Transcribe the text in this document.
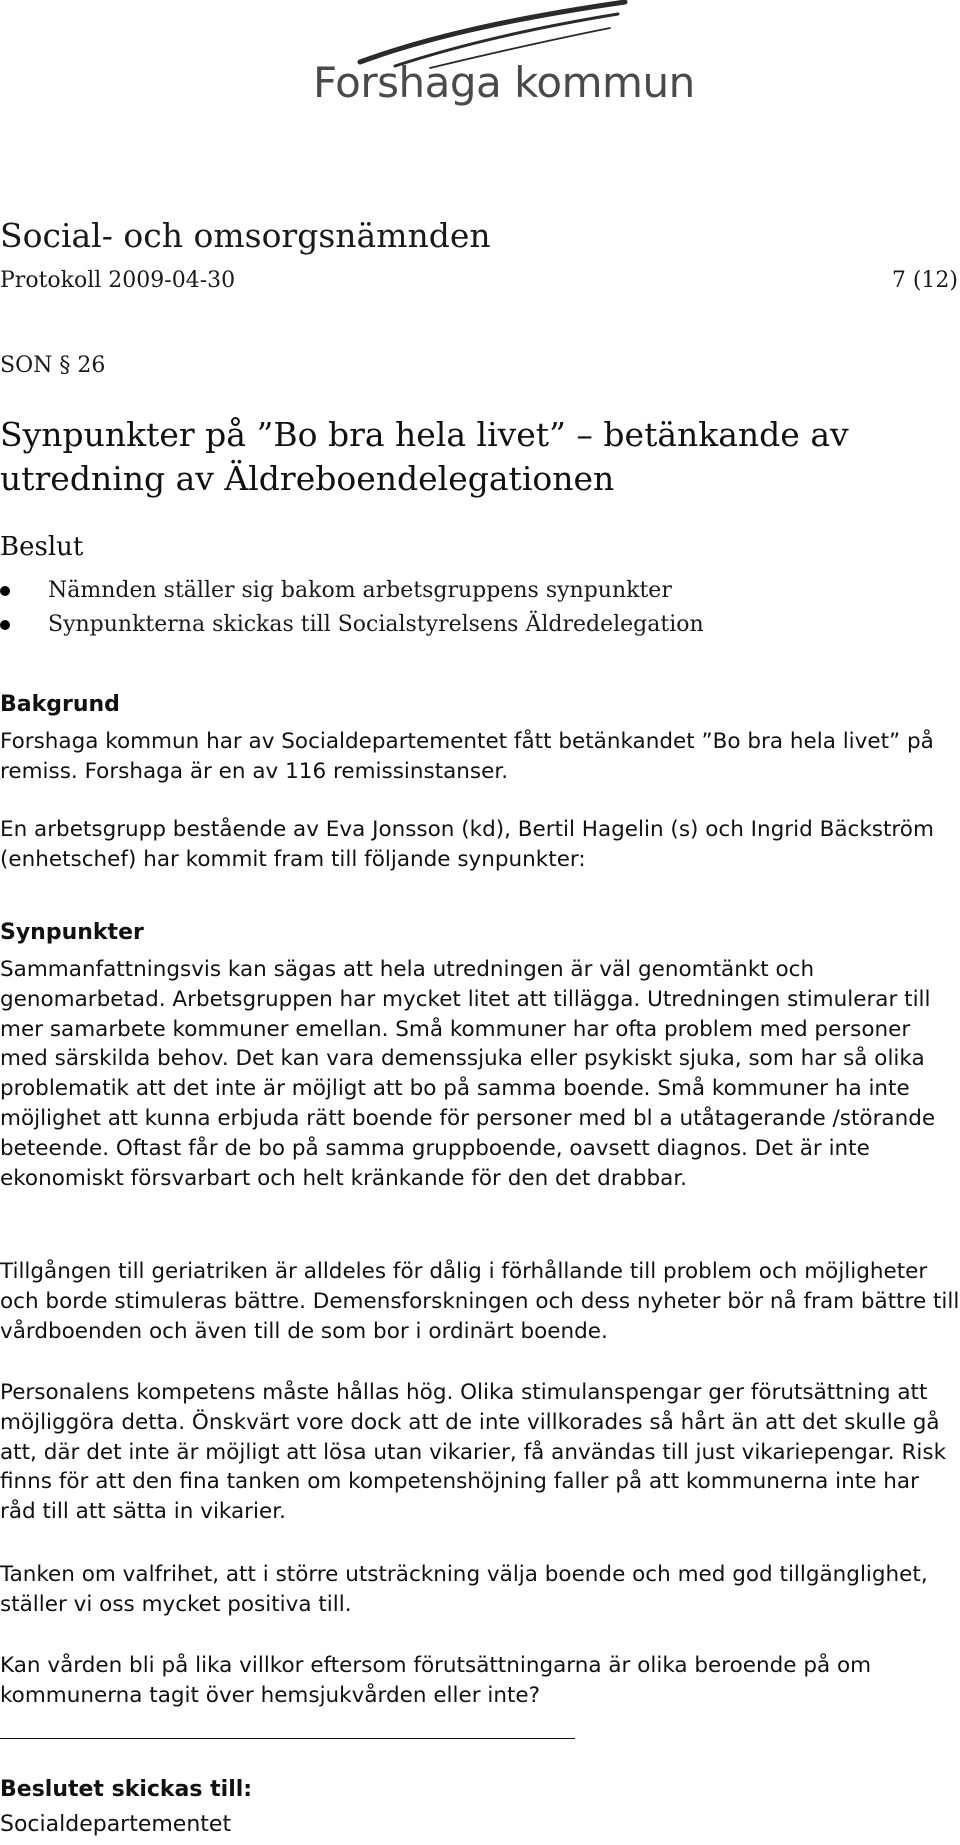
Forshaga kommun
Social- och omsorgsnämnden
Protokoll 2009-04-30	7 (12)
SON § 26
Synpunkter på ”Bo bra hela livet” – betänkande av utredning av Äldreboendelegationen
Beslut
Nämnden ställer sig bakom arbetsgruppens synpunkter
Synpunkterna skickas till Socialstyrelsens Äldredelegation
Bakgrund

Forshaga kommun har av Socialdepartementet fått betänkandet ”Bo bra hela livet” på remiss. Forshaga är en av 116 remissinstanser.

En arbetsgrupp bestående av Eva Jonsson (kd), Bertil Hagelin (s) och Ingrid Bäckström (enhetschef) har kommit fram till följande synpunkter:

Synpunkter

Sammanfattningsvis kan sägas att hela utredningen är väl genomtänkt och genomarbetad. Arbetsgruppen har mycket litet att tillägga. Utredningen stimulerar till mer samarbete kommuner emellan. Små kommuner har ofta problem med personer med särskilda behov. Det kan vara demenssjuka eller psykiskt sjuka, som har så olika problematik att det inte är möjligt att bo på samma boende. Små kommuner ha inte möjlighet att kunna erbjuda rätt boende för personer med bl a utåtagerande /störande beteende. Oftast får de bo på samma gruppboende, oavsett diagnos. Det är inte ekonomiskt försvarbart och helt kränkande för den det drabbar.

Tillgången till geriatriken är alldeles för dålig i förhållande till problem och möjligheter och borde stimuleras bättre. Demensforskningen och dess nyheter bör nå fram bättre till vårdboenden och även till de som bor i ordinärt boende.

Personalens kompetens måste hållas hög. Olika stimulanspengar ger förutsättning att möjliggöra detta. Önskvärt vore dock att de inte villkorades så hårt än att det skulle gå att, där det inte är möjligt att lösa utan vikarier, få användas till just vikariepengar. Risk finns för att den fina tanken om kompetenshöjning faller på att kommunerna inte har råd till att sätta in vikarier.

Tanken om valfrihet, att i större utsträckning välja boende och med god tillgänglighet, ställer vi oss mycket positiva till.

Kan vården bli på lika villkor eftersom förutsättningarna är olika beroende på om kommunerna tagit över hemsjukvården eller inte?

Beslutet skickas till:
Socialdepartementet
